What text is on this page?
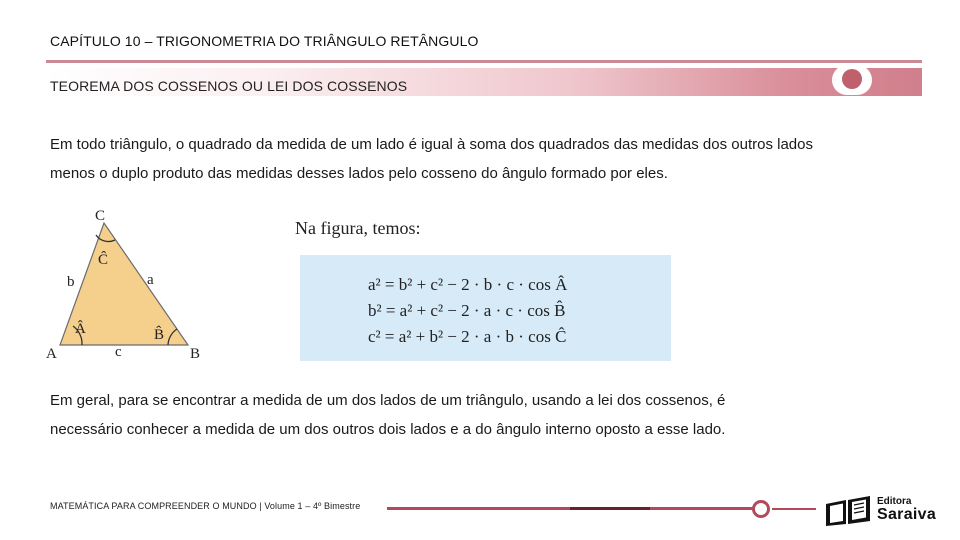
CAPÍTULO 10 – TRIGONOMETRIA DO TRIÂNGULO RETÂNGULO
TEOREMA DOS COSSENOS OU LEI DOS COSSENOS
Em todo triângulo, o quadrado da medida de um lado é igual à soma dos quadrados das medidas dos outros lados
menos o duplo produto das medidas desses lados pelo cosseno do ângulo formado por eles.
C
Ĉ
b	a
Â	B̂
A	c	B
Na figura, temos:
a² = b² + c² − 2 · b · c · cos Â
b² = a² + c² − 2 · a · c · cos B̂
c² = a² + b² − 2 · a · b · cos Ĉ
Em geral, para se encontrar a medida de um dos lados de um triângulo, usando a lei dos cossenos, é
necessário conhecer a medida de um dos outros dois lados e a do ângulo interno oposto a esse lado.
MATEMÁTICA PARA COMPREENDER O MUNDO | Volume 1 – 4º Bimestre	Editora
Saraiva
